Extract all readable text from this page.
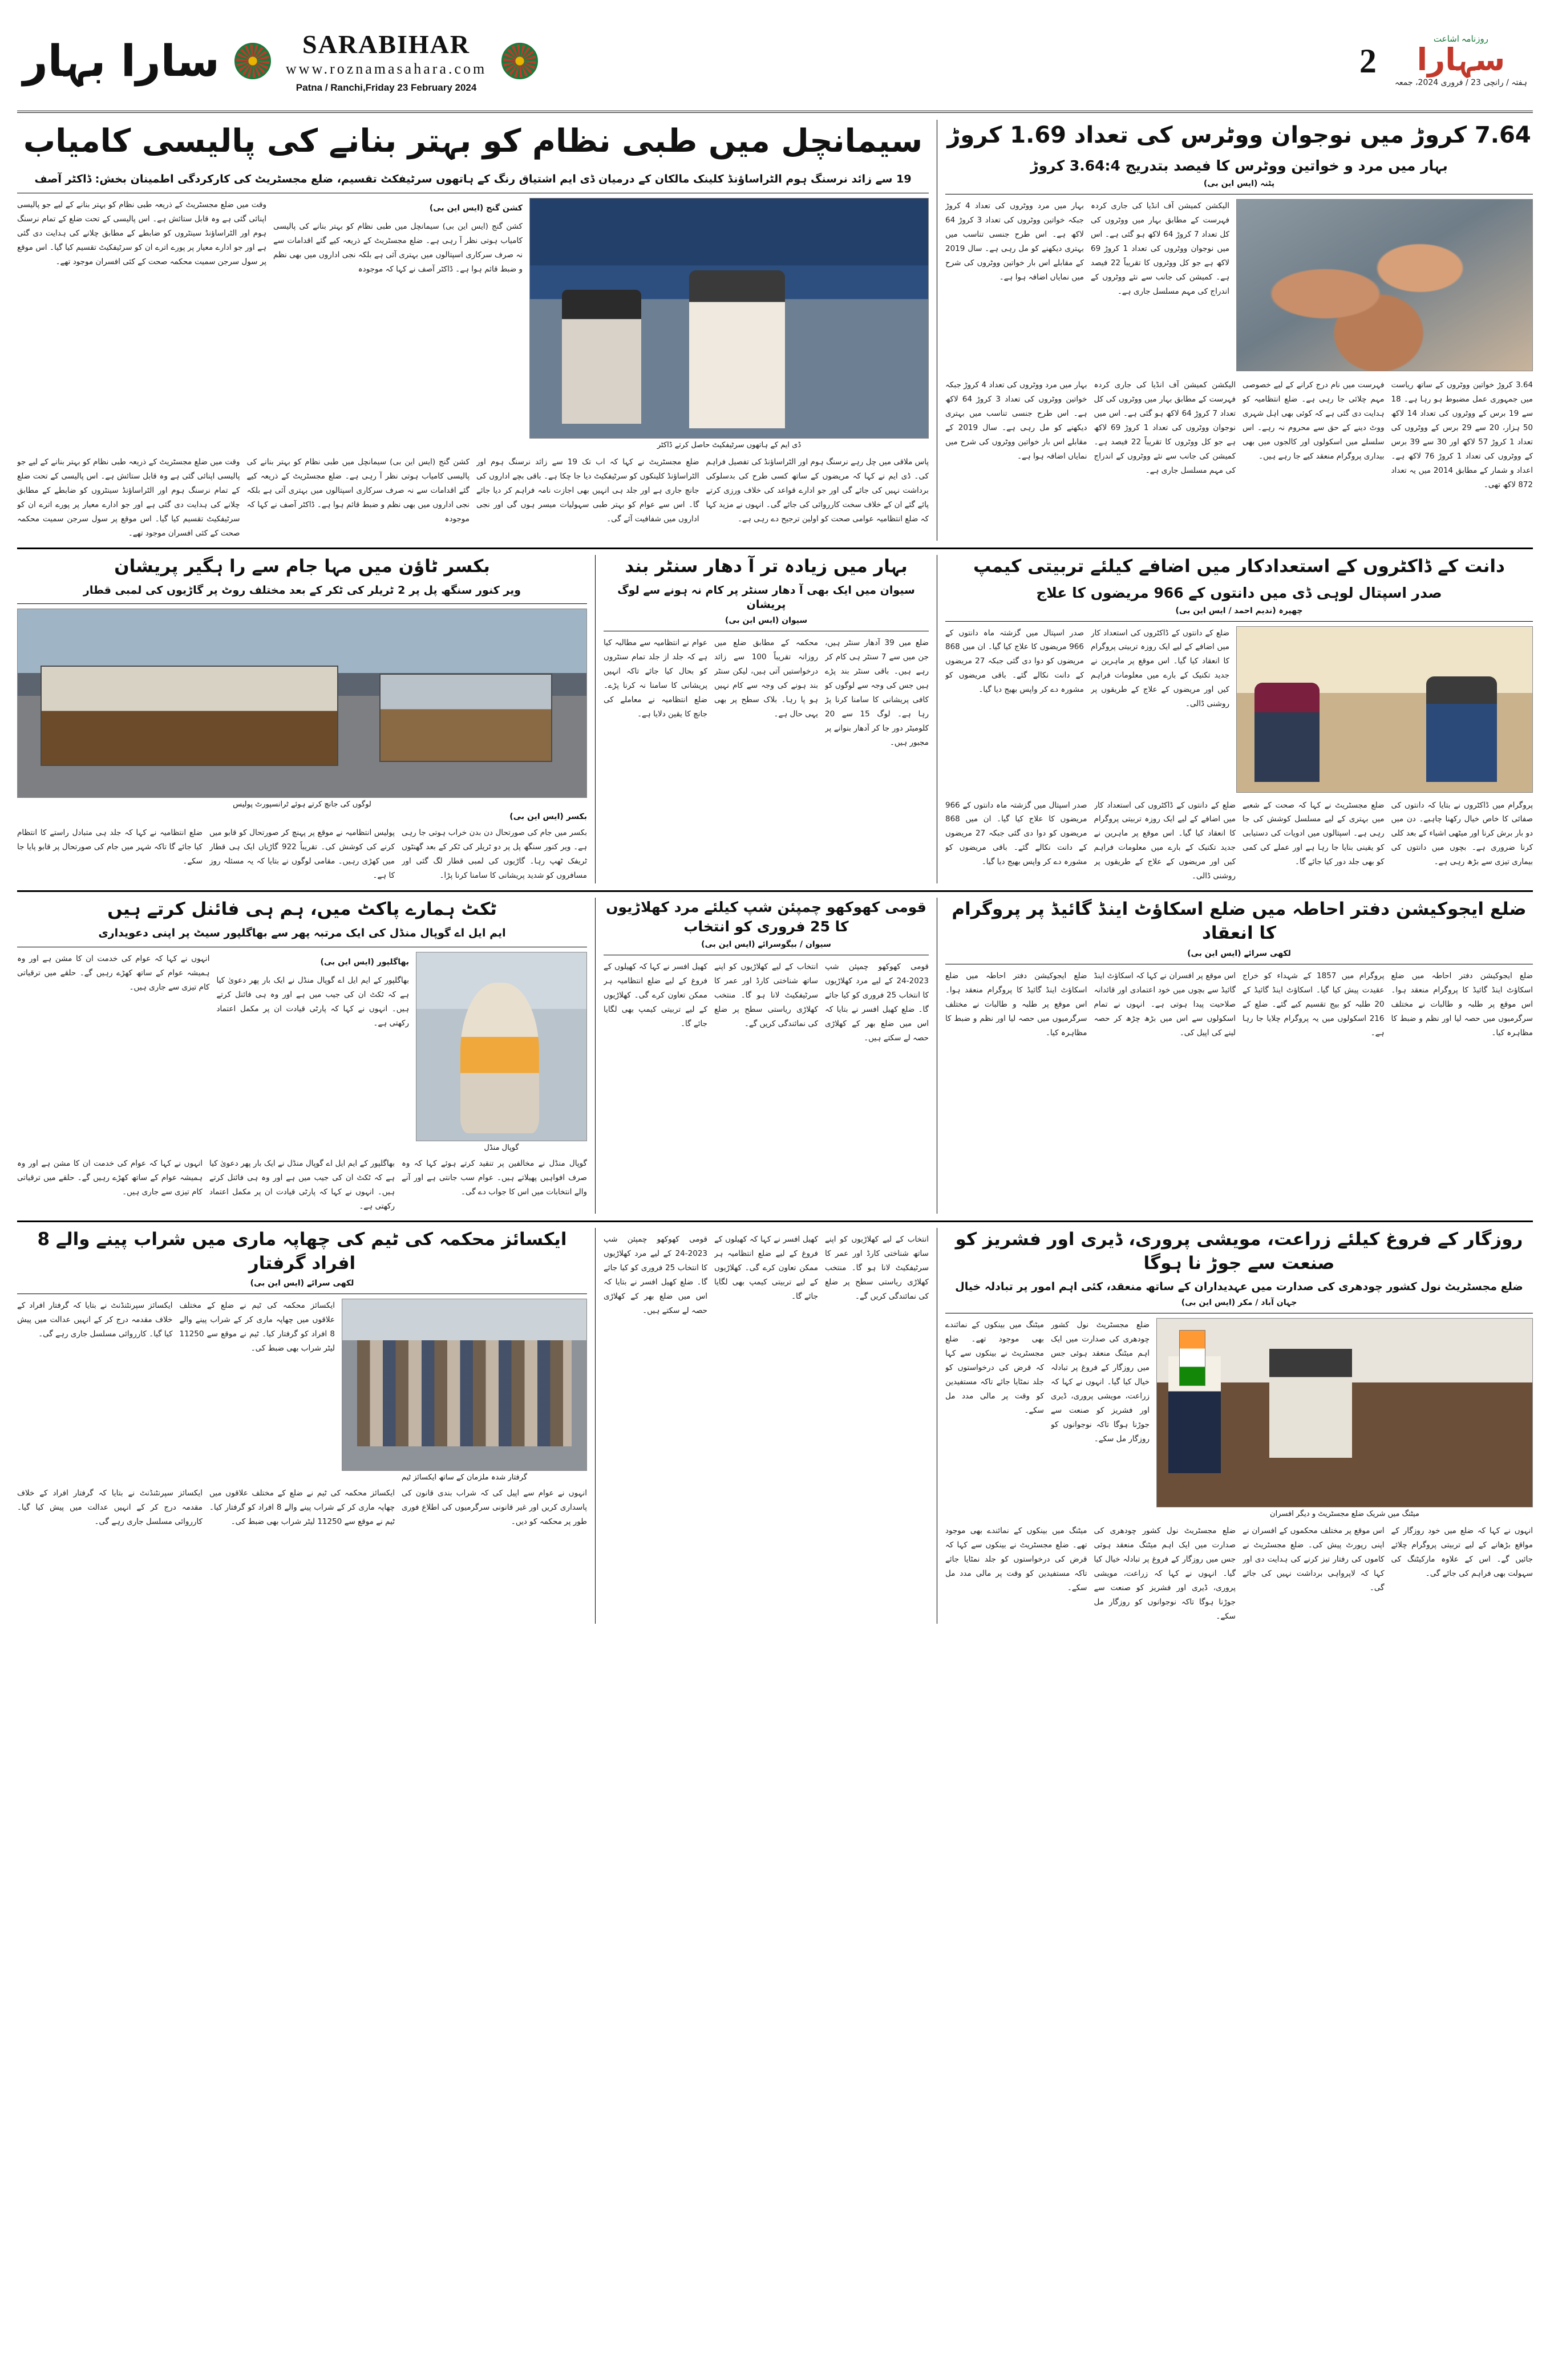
2
روزنامہ اشاعت
سہارا
ہفتہ / رانچی 23 / فروری 2024، جمعہ
SARABIHAR
www.roznamasahara.com
Patna / Ranchi,Friday 23 February 2024
سارا بہار
7.64 کروڑ میں نوجوان ووٹرس کی تعداد 1.69 کروڑ
بہار میں مرد و خواتین ووٹرس کا فیصد بتدریج 3.64:4 کروڑ
پٹنہ (ایس این بی)
الیکشن کمیشن آف انڈیا کی جاری کردہ فہرست کے مطابق بہار میں ووٹروں کی کل تعداد 7 کروڑ 64 لاکھ ہو گئی ہے۔ اس میں نوجوان ووٹروں کی تعداد 1 کروڑ 69 لاکھ ہے جو کل ووٹروں کا تقریباً 22 فیصد ہے۔ کمیشن کی جانب سے نئے ووٹروں کے اندراج کی مہم مسلسل جاری ہے۔
بہار میں مرد ووٹروں کی تعداد 4 کروڑ جبکہ خواتین ووٹروں کی تعداد 3 کروڑ 64 لاکھ ہے۔ اس طرح جنسی تناسب میں بہتری دیکھنے کو مل رہی ہے۔ سال 2019 کے مقابلے اس بار خواتین ووٹروں کی شرح میں نمایاں اضافہ ہوا ہے۔
3.64 کروڑ خواتین ووٹروں کے ساتھ ریاست میں جمہوری عمل مضبوط ہو رہا ہے۔ 18 سے 19 برس کے ووٹروں کی تعداد 14 لاکھ 50 ہزار، 20 سے 29 برس کے ووٹروں کی تعداد 1 کروڑ 57 لاکھ اور 30 سے 39 برس کے ووٹروں کی تعداد 1 کروڑ 76 لاکھ ہے۔ اعداد و شمار کے مطابق 2014 میں یہ تعداد 872 لاکھ تھی۔
فہرست میں نام درج کرانے کے لیے خصوصی مہم چلائی جا رہی ہے۔ ضلع انتظامیہ کو ہدایت دی گئی ہے کہ کوئی بھی اہل شہری ووٹ دینے کے حق سے محروم نہ رہے۔ اس سلسلے میں اسکولوں اور کالجوں میں بھی بیداری پروگرام منعقد کیے جا رہے ہیں۔
الیکشن کمیشن آف انڈیا کی جاری کردہ فہرست کے مطابق بہار میں ووٹروں کی کل تعداد 7 کروڑ 64 لاکھ ہو گئی ہے۔ اس میں نوجوان ووٹروں کی تعداد 1 کروڑ 69 لاکھ ہے جو کل ووٹروں کا تقریباً 22 فیصد ہے۔ کمیشن کی جانب سے نئے ووٹروں کے اندراج کی مہم مسلسل جاری ہے۔
بہار میں مرد ووٹروں کی تعداد 4 کروڑ جبکہ خواتین ووٹروں کی تعداد 3 کروڑ 64 لاکھ ہے۔ اس طرح جنسی تناسب میں بہتری دیکھنے کو مل رہی ہے۔ سال 2019 کے مقابلے اس بار خواتین ووٹروں کی شرح میں نمایاں اضافہ ہوا ہے۔
سیمانچل میں طبی نظام کو بہتر بنانے کی پالیسی کامیاب
19 سے زائد نرسنگ ہوم الٹراساؤنڈ کلینک مالکان کے درمیان ڈی ایم اشتیاق رنگ کے ہاتھوں سرٹیفکٹ تقسیم، ضلع مجسٹریٹ کی کارکردگی اطمینان بخش: ڈاکٹر آصف
ڈی ایم کے ہاتھوں سرٹیفکیٹ حاصل کرتے ڈاکٹر
کشن گنج (ایس این بی)
کشن گنج (ایس این بی) سیمانچل میں طبی نظام کو بہتر بنانے کی پالیسی کامیاب ہوتی نظر آ رہی ہے۔ ضلع مجسٹریٹ کے ذریعہ کیے گئے اقدامات سے نہ صرف سرکاری اسپتالوں میں بہتری آئی ہے بلکہ نجی اداروں میں بھی نظم و ضبط قائم ہوا ہے۔ ڈاکٹر آصف نے کہا کہ موجودہ
وقت میں ضلع مجسٹریٹ کے ذریعہ طبی نظام کو بہتر بنانے کے لیے جو پالیسی اپنائی گئی ہے وہ قابل ستائش ہے۔ اس پالیسی کے تحت ضلع کے تمام نرسنگ ہوم اور الٹراساؤنڈ سینٹروں کو ضابطے کے مطابق چلانے کی ہدایت دی گئی ہے اور جو ادارے معیار پر پورے اترے ان کو سرٹیفکیٹ تقسیم کیا گیا۔ اس موقع پر سول سرجن سمیت محکمہ صحت کے کئی افسران موجود تھے۔
پاس ملاقی میں چل رہے نرسنگ ہوم اور الٹراساؤنڈ کی تفصیل فراہم کی۔ ڈی ایم نے کہا کہ مریضوں کے ساتھ کسی طرح کی بدسلوکی برداشت نہیں کی جائے گی اور جو ادارے قواعد کی خلاف ورزی کرتے پائے گئے ان کے خلاف سخت کارروائی کی جائے گی۔ انہوں نے مزید کہا کہ ضلع انتظامیہ عوامی صحت کو اولین ترجیح دے رہی ہے۔
ضلع مجسٹریٹ نے کہا کہ اب تک 19 سے زائد نرسنگ ہوم اور الٹراساؤنڈ کلینکوں کو سرٹیفکیٹ دیا جا چکا ہے۔ باقی بچے اداروں کی جانچ جاری ہے اور جلد ہی انہیں بھی اجازت نامہ فراہم کر دیا جائے گا۔ اس سے عوام کو بہتر طبی سہولیات میسر ہوں گی اور نجی اداروں میں شفافیت آئے گی۔
کشن گنج (ایس این بی) سیمانچل میں طبی نظام کو بہتر بنانے کی پالیسی کامیاب ہوتی نظر آ رہی ہے۔ ضلع مجسٹریٹ کے ذریعہ کیے گئے اقدامات سے نہ صرف سرکاری اسپتالوں میں بہتری آئی ہے بلکہ نجی اداروں میں بھی نظم و ضبط قائم ہوا ہے۔ ڈاکٹر آصف نے کہا کہ موجودہ
وقت میں ضلع مجسٹریٹ کے ذریعہ طبی نظام کو بہتر بنانے کے لیے جو پالیسی اپنائی گئی ہے وہ قابل ستائش ہے۔ اس پالیسی کے تحت ضلع کے تمام نرسنگ ہوم اور الٹراساؤنڈ سینٹروں کو ضابطے کے مطابق چلانے کی ہدایت دی گئی ہے اور جو ادارے معیار پر پورے اترے ان کو سرٹیفکیٹ تقسیم کیا گیا۔ اس موقع پر سول سرجن سمیت محکمہ صحت کے کئی افسران موجود تھے۔
دانت کے ڈاکٹروں کے استعدادکار میں اضافے کیلئے تربیتی کیمپ
صدر اسپتال لوہی ڈی میں دانتوں کے 966 مریضوں کا علاج
چھپرہ (ندیم احمد / ایس این بی)
ضلع کے دانتوں کے ڈاکٹروں کی استعداد کار میں اضافے کے لیے ایک روزہ تربیتی پروگرام کا انعقاد کیا گیا۔ اس موقع پر ماہرین نے جدید تکنیک کے بارے میں معلومات فراہم کیں اور مریضوں کے علاج کے طریقوں پر روشنی ڈالی۔
صدر اسپتال میں گزشتہ ماہ دانتوں کے 966 مریضوں کا علاج کیا گیا۔ ان میں 868 مریضوں کو دوا دی گئی جبکہ 27 مریضوں کے دانت نکالے گئے۔ باقی مریضوں کو مشورہ دے کر واپس بھیج دیا گیا۔
پروگرام میں ڈاکٹروں نے بتایا کہ دانتوں کی صفائی کا خاص خیال رکھنا چاہیے۔ دن میں دو بار برش کرنا اور میٹھی اشیاء کے بعد کلی کرنا ضروری ہے۔ بچوں میں دانتوں کی بیماری تیزی سے بڑھ رہی ہے۔
ضلع مجسٹریٹ نے کہا کہ صحت کے شعبے میں بہتری کے لیے مسلسل کوشش کی جا رہی ہے۔ اسپتالوں میں ادویات کی دستیابی کو یقینی بنایا جا رہا ہے اور عملے کی کمی کو بھی جلد دور کیا جائے گا۔
ضلع کے دانتوں کے ڈاکٹروں کی استعداد کار میں اضافے کے لیے ایک روزہ تربیتی پروگرام کا انعقاد کیا گیا۔ اس موقع پر ماہرین نے جدید تکنیک کے بارے میں معلومات فراہم کیں اور مریضوں کے علاج کے طریقوں پر روشنی ڈالی۔
صدر اسپتال میں گزشتہ ماہ دانتوں کے 966 مریضوں کا علاج کیا گیا۔ ان میں 868 مریضوں کو دوا دی گئی جبکہ 27 مریضوں کے دانت نکالے گئے۔ باقی مریضوں کو مشورہ دے کر واپس بھیج دیا گیا۔
بہار میں زیادہ تر آ دھار سنٹر بند
سیوان میں ایک بھی آ دھار سنٹر پر کام نہ ہونے سے لوگ پریشان
سیوان (ایس این بی)
ضلع میں 39 آدھار سنٹر ہیں، جن میں سے 7 سنٹر ہی کام کر رہے ہیں۔ باقی سنٹر بند پڑے ہیں جس کی وجہ سے لوگوں کو کافی پریشانی کا سامنا کرنا پڑ رہا ہے۔ لوگ 15 سے 20 کلومیٹر دور جا کر آدھار بنوانے پر مجبور ہیں۔
محکمہ کے مطابق ضلع میں روزانہ تقریباً 100 سے زائد درخواستیں آتی ہیں، لیکن سنٹر بند ہونے کی وجہ سے کام نہیں ہو پا رہا۔ بلاک سطح پر بھی یہی حال ہے۔
عوام نے انتظامیہ سے مطالبہ کیا ہے کہ جلد از جلد تمام سنٹروں کو بحال کیا جائے تاکہ انہیں پریشانی کا سامنا نہ کرنا پڑے۔ ضلع انتظامیہ نے معاملے کی جانچ کا یقین دلایا ہے۔
بکسر ٹاؤن میں مہا جام سے را ہگیر پریشان
ویر کنور سنگھ پل پر 2 ٹریلر کی ٹکر کے بعد مختلف روٹ پر گاڑیوں کی لمبی قطار
لوگوں کی جانچ کرتے ہوئے ٹرانسپورٹ پولیس
بکسر (ایس این بی)
بکسر میں جام کی صورتحال دن بدن خراب ہوتی جا رہی ہے۔ ویر کنور سنگھ پل پر دو ٹریلر کی ٹکر کے بعد گھنٹوں ٹریفک ٹھپ رہا۔ گاڑیوں کی لمبی قطار لگ گئی اور مسافروں کو شدید پریشانی کا سامنا کرنا پڑا۔
پولیس انتظامیہ نے موقع پر پہنچ کر صورتحال کو قابو میں کرنے کی کوشش کی۔ تقریباً 922 گاڑیاں ایک ہی قطار میں کھڑی رہیں۔ مقامی لوگوں نے بتایا کہ یہ مسئلہ روز کا ہے۔
ضلع انتظامیہ نے کہا کہ جلد ہی متبادل راستے کا انتظام کیا جائے گا تاکہ شہر میں جام کی صورتحال پر قابو پایا جا سکے۔
ضلع ایجوکیشن دفتر احاطہ میں ضلع اسکاؤٹ اینڈ گائیڈ پر پروگرام کا انعقاد
لکھی سرائے (ایس این بی)
ضلع ایجوکیشن دفتر احاطہ میں ضلع اسکاؤٹ اینڈ گائیڈ کا پروگرام منعقد ہوا۔ اس موقع پر طلبہ و طالبات نے مختلف سرگرمیوں میں حصہ لیا اور نظم و ضبط کا مظاہرہ کیا۔
پروگرام میں 1857 کے شہداء کو خراج عقیدت پیش کیا گیا۔ اسکاؤٹ اینڈ گائیڈ کے 20 طلبہ کو بیج تقسیم کیے گئے۔ ضلع کے 216 اسکولوں میں یہ پروگرام چلایا جا رہا ہے۔
اس موقع پر افسران نے کہا کہ اسکاؤٹ اینڈ گائیڈ سے بچوں میں خود اعتمادی اور قائدانہ صلاحیت پیدا ہوتی ہے۔ انہوں نے تمام اسکولوں سے اس میں بڑھ چڑھ کر حصہ لینے کی اپیل کی۔
ضلع ایجوکیشن دفتر احاطہ میں ضلع اسکاؤٹ اینڈ گائیڈ کا پروگرام منعقد ہوا۔ اس موقع پر طلبہ و طالبات نے مختلف سرگرمیوں میں حصہ لیا اور نظم و ضبط کا مظاہرہ کیا۔
قومی کھوکھو چمپئن شپ کیلئے مرد کھلاڑیوں کا 25 فروری کو انتخاب
سیوان / بیگوسرائے (ایس این بی)
قومی کھوکھو چمپئن شپ 2023-24 کے لیے مرد کھلاڑیوں کا انتخاب 25 فروری کو کیا جائے گا۔ ضلع کھیل افسر نے بتایا کہ اس میں ضلع بھر کے کھلاڑی حصہ لے سکتے ہیں۔
انتخاب کے لیے کھلاڑیوں کو اپنے ساتھ شناختی کارڈ اور عمر کا سرٹیفکیٹ لانا ہو گا۔ منتخب کھلاڑی ریاستی سطح پر ضلع کی نمائندگی کریں گے۔
کھیل افسر نے کہا کہ کھیلوں کے فروغ کے لیے ضلع انتظامیہ ہر ممکن تعاون کرے گی۔ کھلاڑیوں کے لیے تربیتی کیمپ بھی لگایا جائے گا۔
ٹکٹ ہمارے پاکٹ میں، ہم ہی فائنل کرتے ہیں
ایم ایل اے گوپال منڈل کی ایک مرتبہ پھر سے بھاگلپور سیٹ پر اپنی دعویداری
گوپال منڈل
بھاگلپور (ایس این بی)
بھاگلپور کے ایم ایل اے گوپال منڈل نے ایک بار پھر دعویٰ کیا ہے کہ ٹکٹ ان کی جیب میں ہے اور وہ ہی فائنل کرتے ہیں۔ انہوں نے کہا کہ پارٹی قیادت ان پر مکمل اعتماد رکھتی ہے۔
انہوں نے کہا کہ عوام کی خدمت ان کا مشن ہے اور وہ ہمیشہ عوام کے ساتھ کھڑے رہیں گے۔ حلقے میں ترقیاتی کام تیزی سے جاری ہیں۔
گوپال منڈل نے مخالفین پر تنقید کرتے ہوئے کہا کہ وہ صرف افواہیں پھیلاتے ہیں۔ عوام سب جانتی ہے اور آنے والے انتخابات میں اس کا جواب دے گی۔
بھاگلپور کے ایم ایل اے گوپال منڈل نے ایک بار پھر دعویٰ کیا ہے کہ ٹکٹ ان کی جیب میں ہے اور وہ ہی فائنل کرتے ہیں۔ انہوں نے کہا کہ پارٹی قیادت ان پر مکمل اعتماد رکھتی ہے۔
انہوں نے کہا کہ عوام کی خدمت ان کا مشن ہے اور وہ ہمیشہ عوام کے ساتھ کھڑے رہیں گے۔ حلقے میں ترقیاتی کام تیزی سے جاری ہیں۔
روزگار کے فروغ کیلئے زراعت، مویشی پروری، ڈیری اور فشریز کو صنعت سے جوڑ نا ہوگا
ضلع مجسٹریٹ نول کشور چودھری کی صدارت میں عہدیداران کے ساتھ منعقد، کئی اہم امور پر تبادلہ خیال
جہان آباد / مکر (ایس این بی)
میٹنگ میں شریک ضلع مجسٹریٹ و دیگر افسران
ضلع مجسٹریٹ نول کشور چودھری کی صدارت میں ایک اہم میٹنگ منعقد ہوئی جس میں روزگار کے فروغ پر تبادلہ خیال کیا گیا۔ انہوں نے کہا کہ زراعت، مویشی پروری، ڈیری اور فشریز کو صنعت سے جوڑنا ہوگا تاکہ نوجوانوں کو روزگار مل سکے۔
میٹنگ میں بینکوں کے نمائندے بھی موجود تھے۔ ضلع مجسٹریٹ نے بینکوں سے کہا کہ قرض کی درخواستوں کو جلد نمٹایا جائے تاکہ مستفیدین کو وقت پر مالی مدد مل سکے۔
انہوں نے کہا کہ ضلع میں خود روزگار کے مواقع بڑھانے کے لیے تربیتی پروگرام چلائے جائیں گے۔ اس کے علاوہ مارکیٹنگ کی سہولت بھی فراہم کی جائے گی۔
اس موقع پر مختلف محکموں کے افسران نے اپنی رپورٹ پیش کی۔ ضلع مجسٹریٹ نے کاموں کی رفتار تیز کرنے کی ہدایت دی اور کہا کہ لاپرواہی برداشت نہیں کی جائے گی۔
ضلع مجسٹریٹ نول کشور چودھری کی صدارت میں ایک اہم میٹنگ منعقد ہوئی جس میں روزگار کے فروغ پر تبادلہ خیال کیا گیا۔ انہوں نے کہا کہ زراعت، مویشی پروری، ڈیری اور فشریز کو صنعت سے جوڑنا ہوگا تاکہ نوجوانوں کو روزگار مل سکے۔
میٹنگ میں بینکوں کے نمائندے بھی موجود تھے۔ ضلع مجسٹریٹ نے بینکوں سے کہا کہ قرض کی درخواستوں کو جلد نمٹایا جائے تاکہ مستفیدین کو وقت پر مالی مدد مل سکے۔
انتخاب کے لیے کھلاڑیوں کو اپنے ساتھ شناختی کارڈ اور عمر کا سرٹیفکیٹ لانا ہو گا۔ منتخب کھلاڑی ریاستی سطح پر ضلع کی نمائندگی کریں گے۔
کھیل افسر نے کہا کہ کھیلوں کے فروغ کے لیے ضلع انتظامیہ ہر ممکن تعاون کرے گی۔ کھلاڑیوں کے لیے تربیتی کیمپ بھی لگایا جائے گا۔
قومی کھوکھو چمپئن شپ 2023-24 کے لیے مرد کھلاڑیوں کا انتخاب 25 فروری کو کیا جائے گا۔ ضلع کھیل افسر نے بتایا کہ اس میں ضلع بھر کے کھلاڑی حصہ لے سکتے ہیں۔
ایکسائز محکمہ کی ٹیم کی چھاپہ ماری میں شراب پینے والے 8 افراد گرفتار
لکھی سرائے (ایس این بی)
گرفتار شدہ ملزمان کے ساتھ ایکسائز ٹیم
ایکسائز محکمہ کی ٹیم نے ضلع کے مختلف علاقوں میں چھاپہ ماری کر کے شراب پینے والے 8 افراد کو گرفتار کیا۔ ٹیم نے موقع سے 11250 لیٹر شراب بھی ضبط کی۔
ایکسائز سپرنٹنڈنٹ نے بتایا کہ گرفتار افراد کے خلاف مقدمہ درج کر کے انہیں عدالت میں پیش کیا گیا۔ کارروائی مسلسل جاری رہے گی۔
انہوں نے عوام سے اپیل کی کہ شراب بندی قانون کی پاسداری کریں اور غیر قانونی سرگرمیوں کی اطلاع فوری طور پر محکمہ کو دیں۔
ایکسائز محکمہ کی ٹیم نے ضلع کے مختلف علاقوں میں چھاپہ ماری کر کے شراب پینے والے 8 افراد کو گرفتار کیا۔ ٹیم نے موقع سے 11250 لیٹر شراب بھی ضبط کی۔
ایکسائز سپرنٹنڈنٹ نے بتایا کہ گرفتار افراد کے خلاف مقدمہ درج کر کے انہیں عدالت میں پیش کیا گیا۔ کارروائی مسلسل جاری رہے گی۔
